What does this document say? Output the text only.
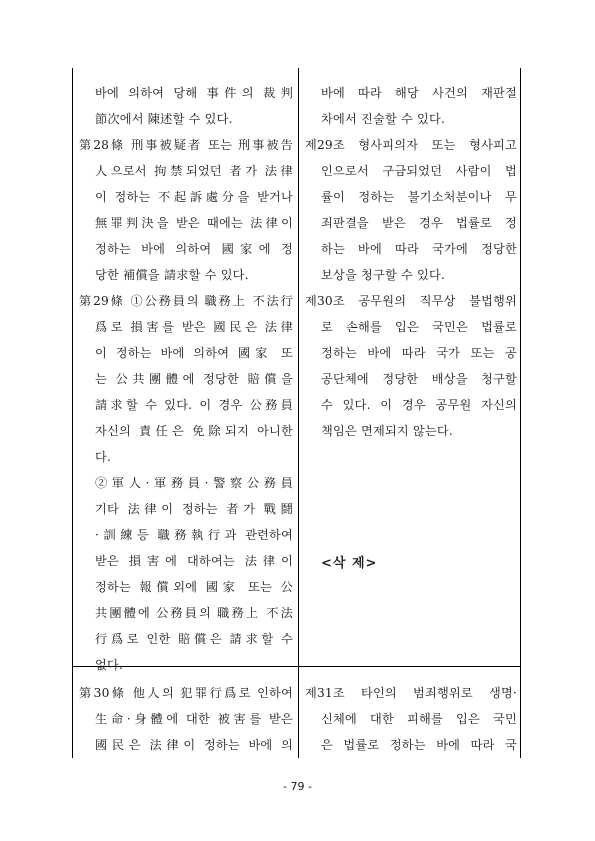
바에 의하여 당해 事件의 裁判
節次에서 陳述할 수 있다.
第28條 刑事被疑者 또는 刑事被告
人으로서 拘禁되었던 者가 法律
이 정하는 不起訴處分을 받거나
無罪判決을 받은 때에는 法律이
정하는 바에 의하여 國家에 정
당한 補償을 請求할 수 있다.
第29條 ①公務員의 職務上 不法行
爲로 損害를 받은 國民은 法律
이 정하는 바에 의하여 國家 또
는 公共團體에 정당한 賠償을
請求할 수 있다. 이 경우 公務員
자신의 責任은 免除되지 아니한
다.
②軍人·軍務員·警察公務員
기타 法律이 정하는 者가 戰鬪
·訓練등 職務執行과 관련하여
받은 損害에 대하여는 法律이
정하는 報償외에 國家 또는 公
共團體에 公務員의 職務上 不法
行爲로 인한 賠償은 請求할 수
없다.
第30條 他人의 犯罪行爲로 인하여
生命·身體에 대한 被害를 받은
國民은 法律이 정하는 바에 의
바에 따라 해당 사건의 재판절
차에서 진술할 수 있다.
제29조 형사피의자 또는 형사피고
인으로서 구금되었던 사람이 법
률이 정하는 불기소처분이나 무
죄판결을 받은 경우 법률로 정
하는 바에 따라 국가에 정당한
보상을 청구할 수 있다.
제30조 공무원의 직무상 불법행위
로 손해를 입은 국민은 법률로
정하는 바에 따라 국가 또는 공
공단체에 정당한 배상을 청구할
수 있다. 이 경우 공무원 자신의
책임은 면제되지 않는다.
<삭 제>
제31조 타인의 범죄행위로 생명·
신체에 대한 피해를 입은 국민
은 법률로 정하는 바에 따라 국
- 79 -
